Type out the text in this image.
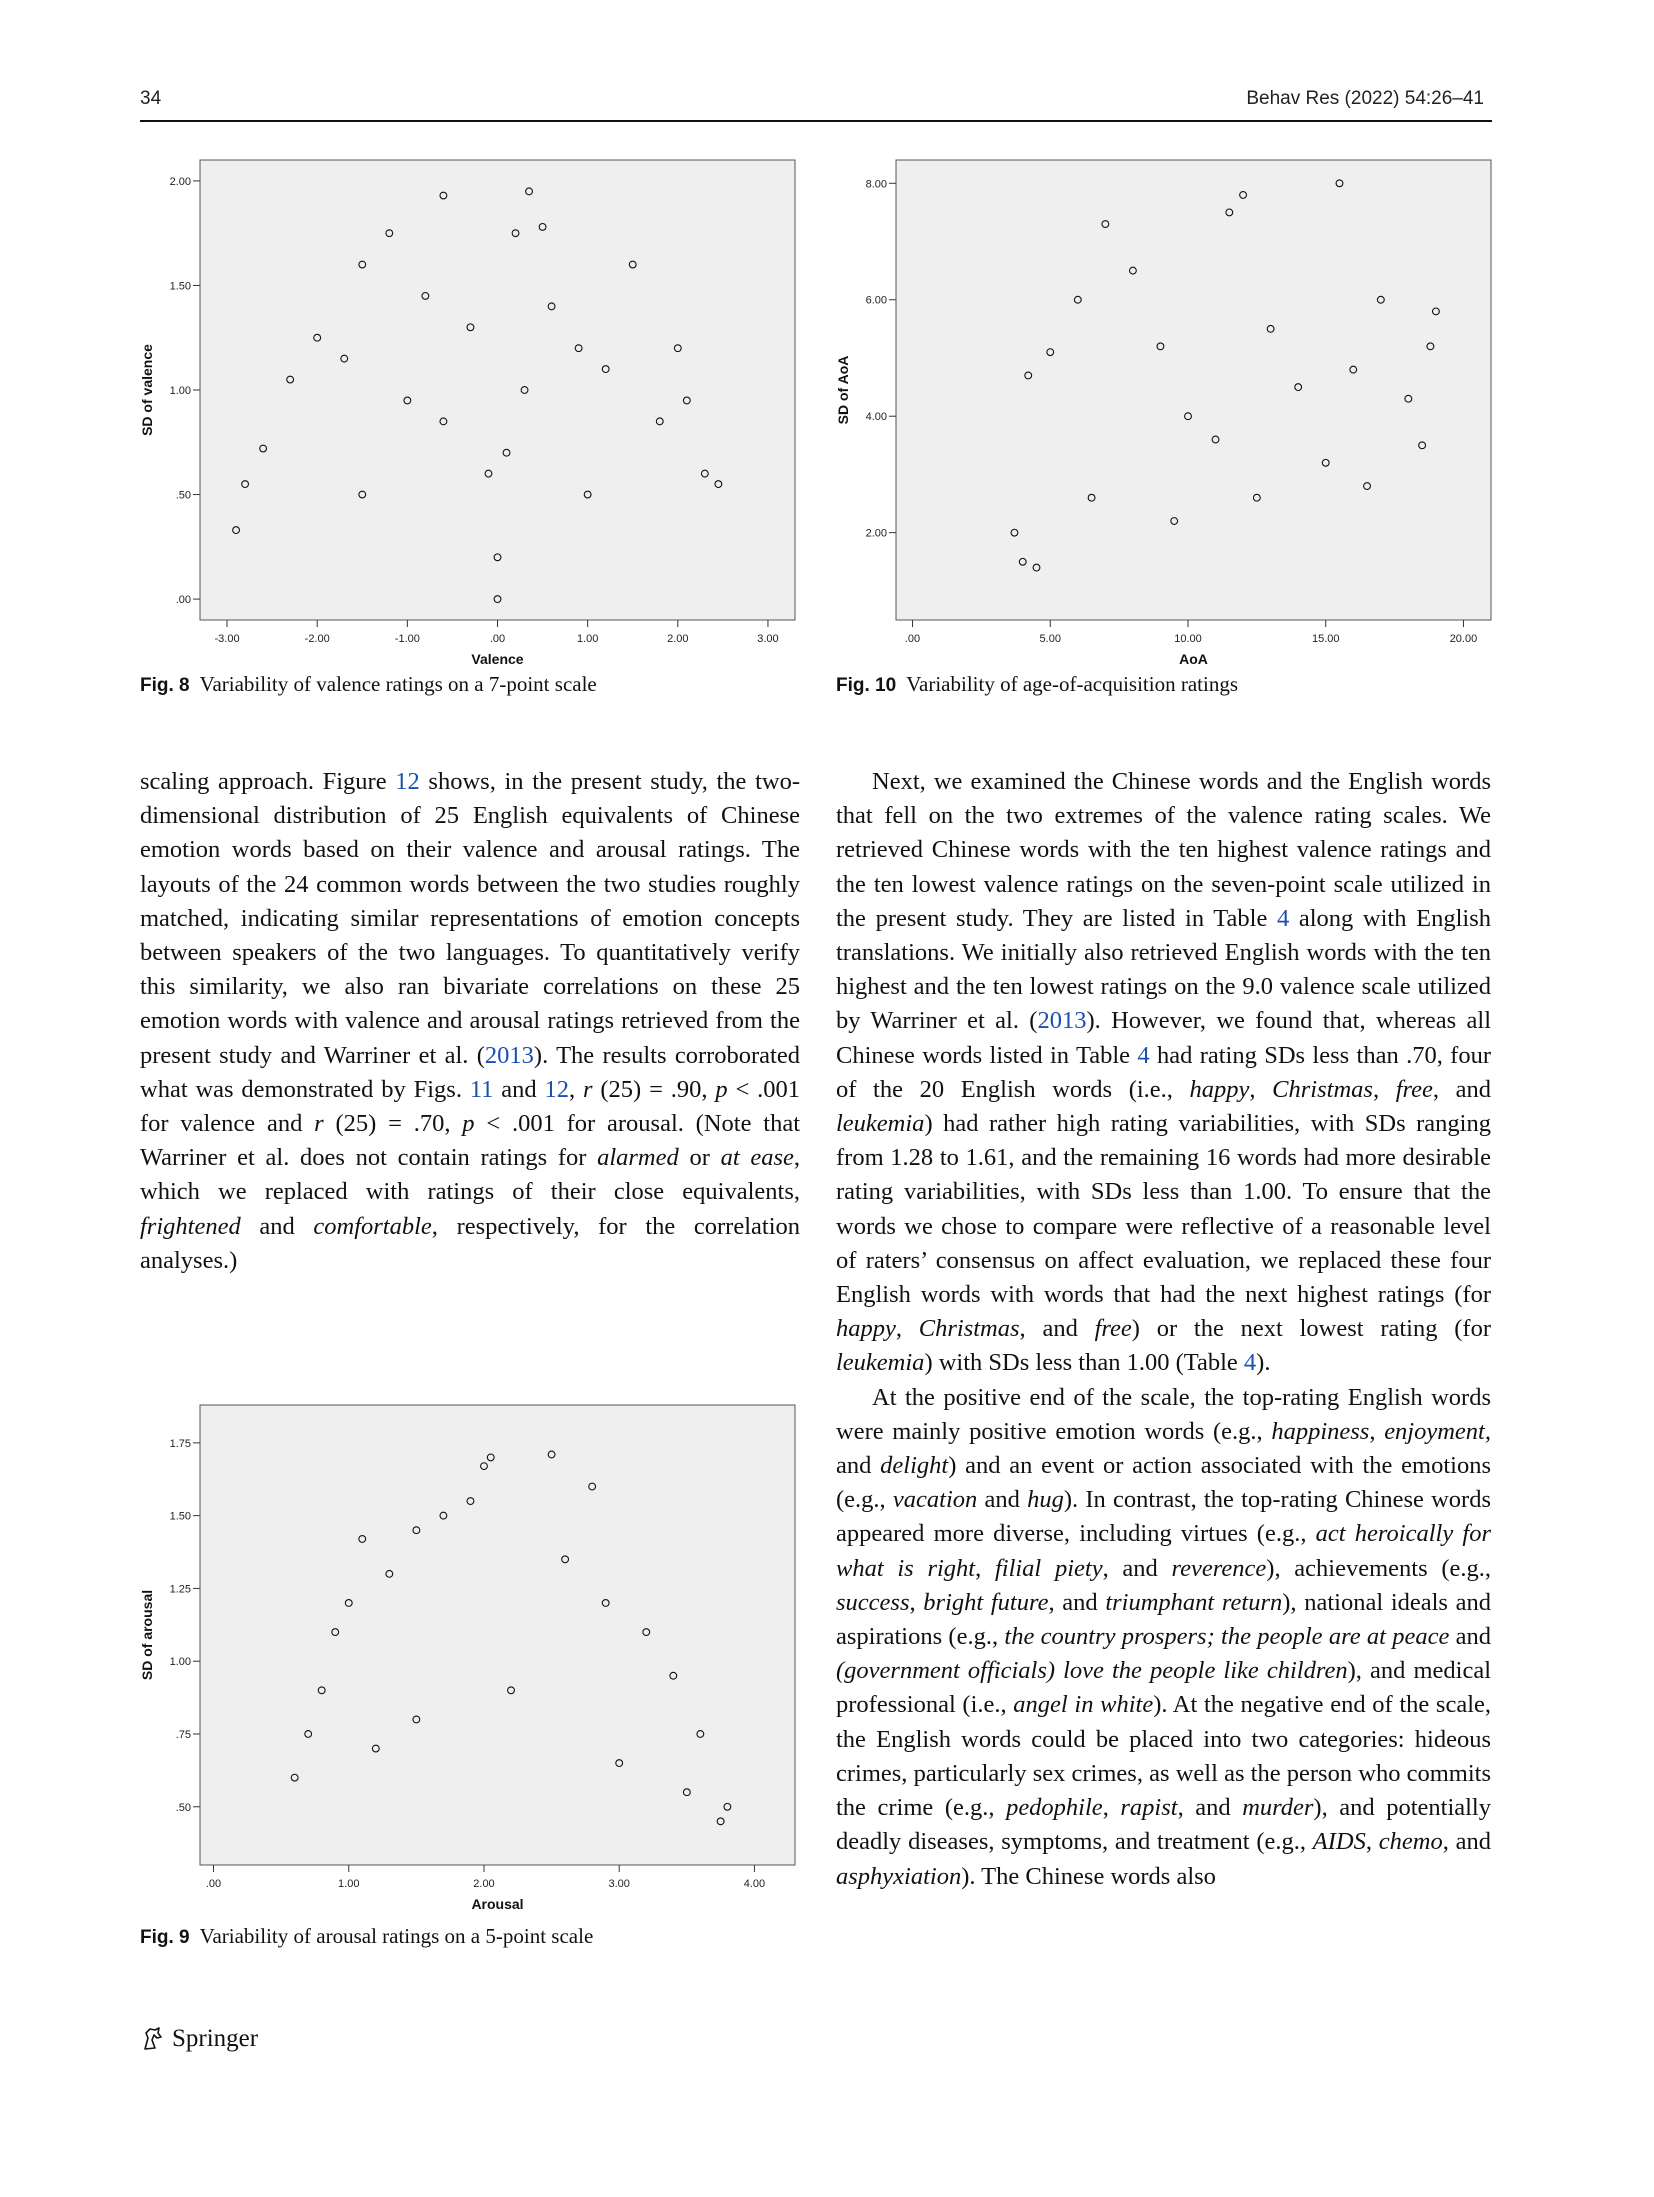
34	Behav Res (2022) 54:26–41
.00
.50
1.00
1.50
2.00
-3.00	-2.00	-1.00	.00	1.00	2.00	3.00
Valence
SD of valence
Fig. 8 Variability of valence ratings on a 7-point scale
2.00
4.00
6.00
8.00
.00	5.00	10.00	15.00	20.00
AoA
SD of AoA
Fig. 10 Variability of age-of-acquisition ratings

scaling approach. Figure 12 shows, in the present study, the two-dimensional distribution of 25 English equivalents of Chinese emotion words based on their valence and arousal ratings. The layouts of the 24 common words between the two studies roughly matched, indicating similar representations of emotion concepts between speakers of the two languages. To quantitatively verify this similarity, we also ran bivariate correlations on these 25 emotion words with valence and arousal ratings retrieved from the present study and Warriner et al. (2013). The results corroborated what was demonstrated by Figs. 11 and 12, r (25) = .90, p < .001 for valence and r (25) = .70, p < .001 for arousal. (Note that Warriner et al. does not contain ratings for alarmed or at ease, which we replaced with ratings of their close equivalents, frightened and comfortable, respectively, for the correlation analyses.)

.50
.75
1.00
1.25
1.50
1.75
.00	1.00	2.00	3.00	4.00
Arousal
SD of arousal
Fig. 9 Variability of arousal ratings on a 5-point scale

Next, we examined the Chinese words and the English words that fell on the two extremes of the valence rating scales. We retrieved Chinese words with the ten highest valence ratings and the ten lowest valence ratings on the seven-point scale utilized in the present study. They are listed in Table 4 along with English translations. We initially also retrieved English words with the ten highest and the ten lowest ratings on the 9.0 valence scale utilized by Warriner et al. (2013). However, we found that, whereas all Chinese words listed in Table 4 had rating SDs less than .70, four of the 20 English words (i.e., happy, Christmas, free, and leukemia) had rather high rating variabilities, with SDs ranging from 1.28 to 1.61, and the remaining 16 words had more desirable rating variabilities, with SDs less than 1.00. To ensure that the words we chose to compare were reflective of a reasonable level of raters’ consensus on affect evaluation, we replaced these four English words with words that had the next highest ratings (for happy, Christmas, and free) or the next lowest rating (for leukemia) with SDs less than 1.00 (Table 4).

At the positive end of the scale, the top-rating English words were mainly positive emotion words (e.g., happiness, enjoyment, and delight) and an event or action associated with the emotions (e.g., vacation and hug). In contrast, the top-rating Chinese words appeared more diverse, including virtues (e.g., act heroically for what is right, filial piety, and reverence), achievements (e.g., success, bright future, and triumphant return), national ideals and aspirations (e.g., the country prospers; the people are at peace and (government officials) love the people like children), and medical professional (i.e., angel in white). At the negative end of the scale, the English words could be placed into two categories: hideous crimes, particularly sex crimes, as well as the person who commits the crime (e.g., pedophile, rapist, and murder), and potentially deadly diseases, symptoms, and treatment (e.g., AIDS, chemo, and asphyxiation). The Chinese words also

Springer
